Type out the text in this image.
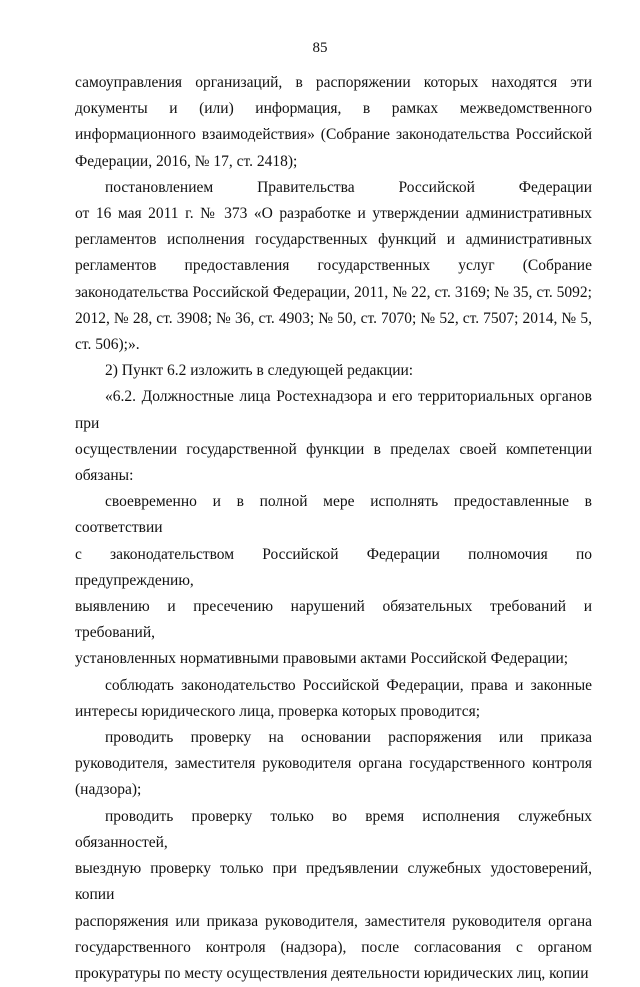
85
самоуправления организаций, в распоряжении которых находятся эти
документы и (или) информация, в рамках межведомственного
информационного взаимодействия» (Собрание законодательства Российской
Федерации, 2016, № 17, ст. 2418);
постановлением Правительства Российской Федерации
от 16 мая 2011 г. № 373 «О разработке и утверждении административных
регламентов исполнения государственных функций и административных
регламентов предоставления государственных услуг (Собрание
законодательства Российской Федерации, 2011, № 22, ст. 3169; № 35, ст. 5092;
2012, № 28, ст. 3908; № 36, ст. 4903; № 50, ст. 7070; № 52, ст. 7507; 2014, № 5,
ст. 506);».
2) Пункт 6.2 изложить в следующей редакции:
«6.2. Должностные лица Ростехнадзора и его территориальных органов при
осуществлении государственной функции в пределах своей компетенции
обязаны:
своевременно и в полной мере исполнять предоставленные в соответствии
с законодательством Российской Федерации полномочия по предупреждению,
выявлению и пресечению нарушений обязательных требований и требований,
установленных нормативными правовыми актами Российской Федерации;
соблюдать законодательство Российской Федерации, права и законные
интересы юридического лица, проверка которых проводится;
проводить проверку на основании распоряжения или приказа
руководителя, заместителя руководителя органа государственного контроля
(надзора);
проводить проверку только во время исполнения служебных обязанностей,
выездную проверку только при предъявлении служебных удостоверений, копии
распоряжения или приказа руководителя, заместителя руководителя органа
государственного контроля (надзора), после согласования с органом
прокуратуры по месту осуществления деятельности юридических лиц, копии
